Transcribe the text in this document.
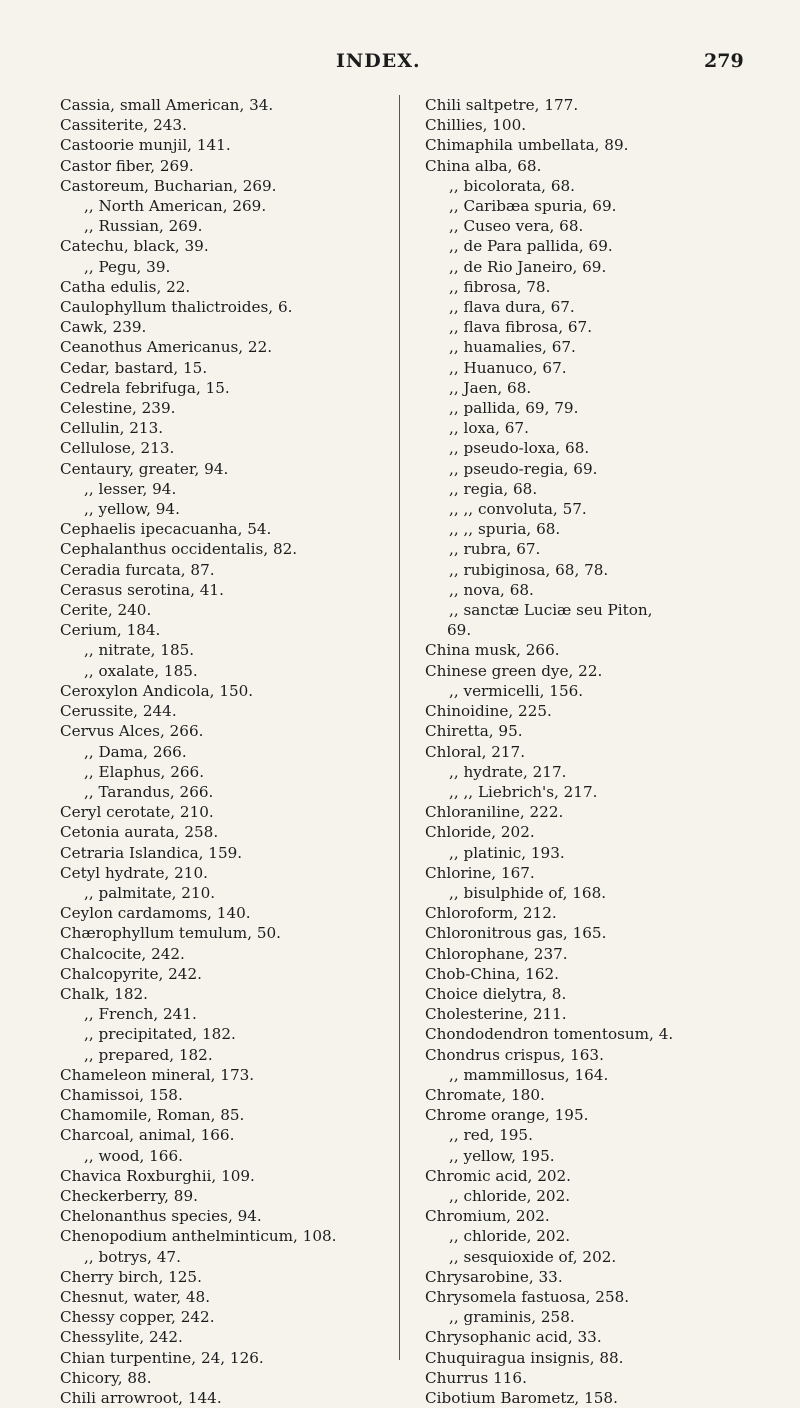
INDEX.	279
Cassia, small American, 34.
Cassiterite, 243.
Castoorie munjil, 141.
Castor fiber, 269.
Castoreum, Bucharian, 269.
,, North American, 269.
,, Russian, 269.
Catechu, black, 39.
,, Pegu, 39.
Catha edulis, 22.
Caulophyllum thalictroides, 6.
Cawk, 239.
Ceanothus Americanus, 22.
Cedar, bastard, 15.
Cedrela febrifuga, 15.
Celestine, 239.
Cellulin, 213.
Cellulose, 213.
Centaury, greater, 94.
,, lesser, 94.
,, yellow, 94.
Cephaelis ipecacuanha, 54.
Cephalanthus occidentalis, 82.
Ceradia furcata, 87.
Cerasus serotina, 41.
Cerite, 240.
Cerium, 184.
,, nitrate, 185.
,, oxalate, 185.
Ceroxylon Andicola, 150.
Cerussite, 244.
Cervus Alces, 266.
,, Dama, 266.
,, Elaphus, 266.
,, Tarandus, 266.
Ceryl cerotate, 210.
Cetonia aurata, 258.
Cetraria Islandica, 159.
Cetyl hydrate, 210.
,, palmitate, 210.
Ceylon cardamoms, 140.
Chærophyllum temulum, 50.
Chalcocite, 242.
Chalcopyrite, 242.
Chalk, 182.
,, French, 241.
,, precipitated, 182.
,, prepared, 182.
Chameleon mineral, 173.
Chamissoi, 158.
Chamomile, Roman, 85.
Charcoal, animal, 166.
,, wood, 166.
Chavica Roxburghii, 109.
Checkerberry, 89.
Chelonanthus species, 94.
Chenopodium anthelminticum, 108.
,, botrys, 47.
Cherry birch, 125.
Chesnut, water, 48.
Chessy copper, 242.
Chessylite, 242.
Chian turpentine, 24, 126.
Chicory, 88.
Chili arrowroot, 144.
Chili saltpetre, 177.
Chillies, 100.
Chimaphila umbellata, 89.
China alba, 68.
,, bicolorata, 68.
,, Caribæa spuria, 69.
,, Cuseo vera, 68.
,, de Para pallida, 69.
,, de Rio Janeiro, 69.
,, fibrosa, 78.
,, flava dura, 67.
,, flava fibrosa, 67.
,, huamalies, 67.
,, Huanuco, 67.
,, Jaen, 68.
,, pallida, 69, 79.
,, loxa, 67.
,, pseudo-loxa, 68.
,, pseudo-regia, 69.
,, regia, 68.
,, ,, convoluta, 57.
,, ,, spuria, 68.
,, rubra, 67.
,, rubiginosa, 68, 78.
,, nova, 68.
,, sanctæ Luciæ seu Piton,
69.
China musk, 266.
Chinese green dye, 22.
,, vermicelli, 156.
Chinoidine, 225.
Chiretta, 95.
Chloral, 217.
,, hydrate, 217.
,, ,, Liebrich's, 217.
Chloraniline, 222.
Chloride, 202.
,, platinic, 193.
Chlorine, 167.
,, bisulphide of, 168.
Chloroform, 212.
Chloronitrous gas, 165.
Chlorophane, 237.
Chob-China, 162.
Choice dielytra, 8.
Cholesterine, 211.
Chondodendron tomentosum, 4.
Chondrus crispus, 163.
,, mammillosus, 164.
Chromate, 180.
Chrome orange, 195.
,, red, 195.
,, yellow, 195.
Chromic acid, 202.
,, chloride, 202.
Chromium, 202.
,, chloride, 202.
,, sesquioxide of, 202.
Chrysarobine, 33.
Chrysomela fastuosa, 258.
,, graminis, 258.
Chrysophanic acid, 33.
Chuquiragua insignis, 88.
Churrus 116.
Cibotium Barometz, 158.
